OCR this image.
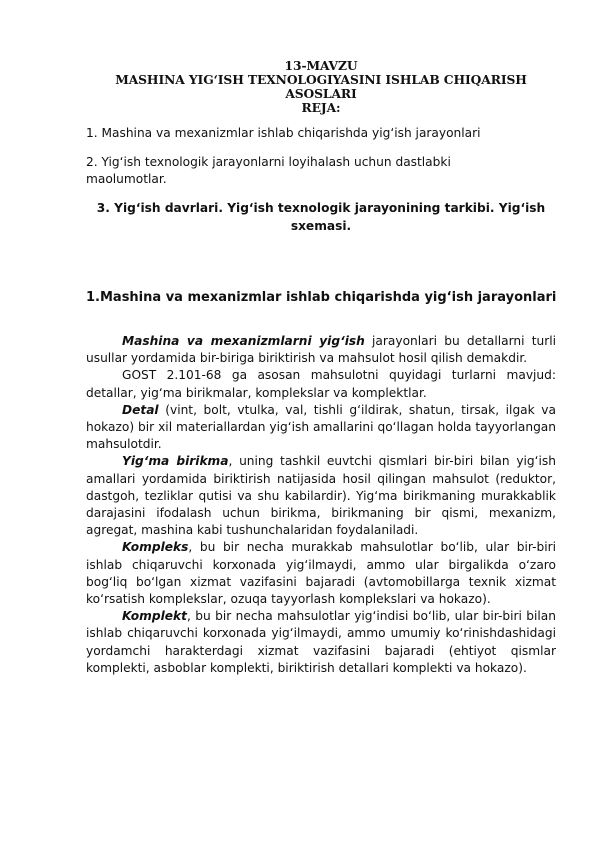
13-MAVZU
MASHINA YIG‘ISH TEXNOLOGIYASINI ISHLAB CHIQARISH
ASOSLARI
REJA:
1. Mashina va mexanizmlar ishlab chiqarishda yig‘ish jarayonlari
2. Yig‘ish texnologik jarayonlarni loyihalash uchun dastlabki
maolumotlar.
3. Yig‘ish davrlari. Yig‘ish texnologik jarayonining tarkibi. Yig‘ish
sxemasi.
1.Mashina va mexanizmlar ishlab chiqarishda yig‘ish jarayonlari

Mashina va mexanizmlarni yig‘ish jarayonlari bu detallarni turli usullar yordamida bir-biriga biriktirish va mahsulot hosil qilish demakdir.

GOST 2.101-68 ga asosan mahsulotni quyidagi turlarni mavjud: detallar, yig‘ma birikmalar, komplekslar va komplektlar.

Detal (vint, bolt, vtulka, val, tishli g‘ildirak, shatun, tirsak, ilgak va hokazo) bir xil materiallardan yig‘ish amallarini qo‘llagan holda tayyorlangan mahsulotdir.

Yig‘ma birikma, uning tashkil euvtchi qismlari bir-biri bilan yig‘ish amallari yordamida biriktirish natijasida hosil qilingan mahsulot (reduktor, dastgoh, tezliklar qutisi va shu kabilardir). Yig‘ma birikmaning murakkablik darajasini ifodalash uchun birikma, birikmaning bir qismi, mexanizm, agregat, mashina kabi tushunchalaridan foydalaniladi.

Kompleks, bu bir necha murakkab mahsulotlar bo‘lib, ular bir-biri ishlab chiqaruvchi korxonada yig‘ilmaydi, ammo ular birgalikda o‘zaro bog‘liq bo‘lgan xizmat vazifasini bajaradi (avtomobillarga texnik xizmat ko‘rsatish komplekslar, ozuqa tayyorlash komplekslari va hokazo).

Komplekt, bu bir necha mahsulotlar yig‘indisi bo‘lib, ular bir-biri bilan ishlab chiqaruvchi korxonada yig‘ilmaydi, ammo umumiy ko‘rinishdashidagi yordamchi harakterdagi xizmat vazifasini bajaradi (ehtiyot qismlar komplekti, asboblar komplekti, biriktirish detallari komplekti va hokazo).
